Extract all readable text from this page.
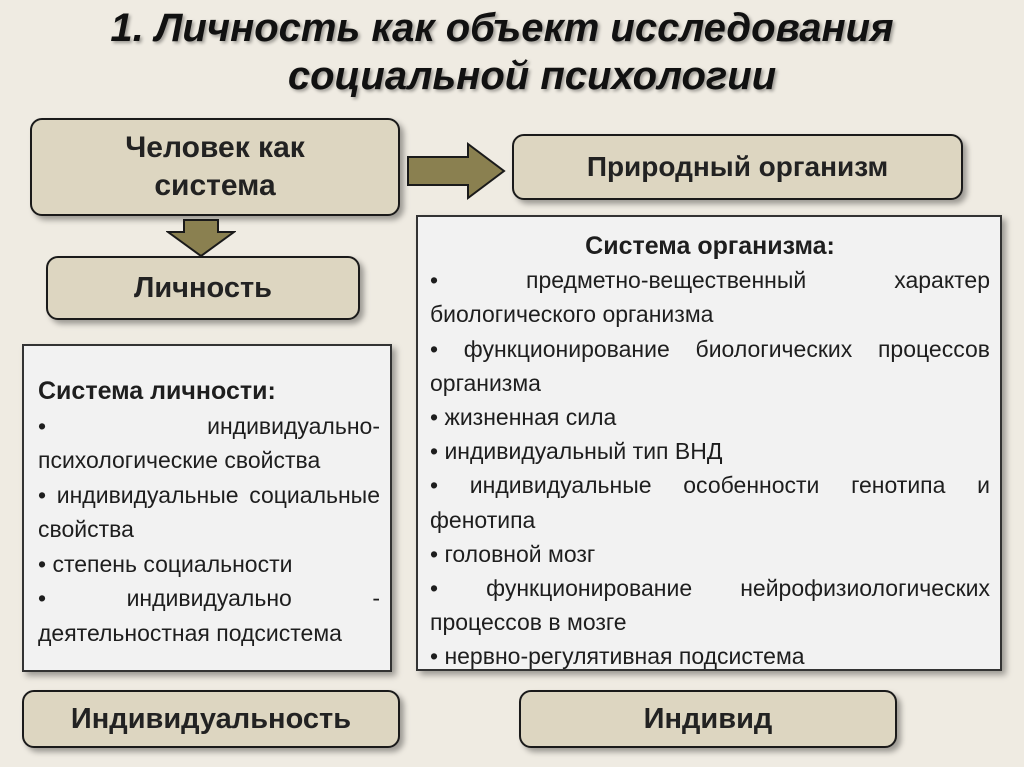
1. Личность как объект исследования
социальной психологии
Человек как система
Природный организм
Личность
Система личности:
• индивидуально-психологические свойства
• индивидуальные социальные свойства
• степень социальности
• индивидуально - деятельностная подсистема
Система организма:
• предметно-вещественный характер биологического организма
• функционирование биологических процессов организма
• жизненная сила
• индивидуальный тип ВНД
• индивидуальные особенности генотипа и фенотипа
• головной мозг
• функционирование нейрофизиологических процессов в мозге
• нервно-регулятивная подсистема
Индивидуальность	Индивид
